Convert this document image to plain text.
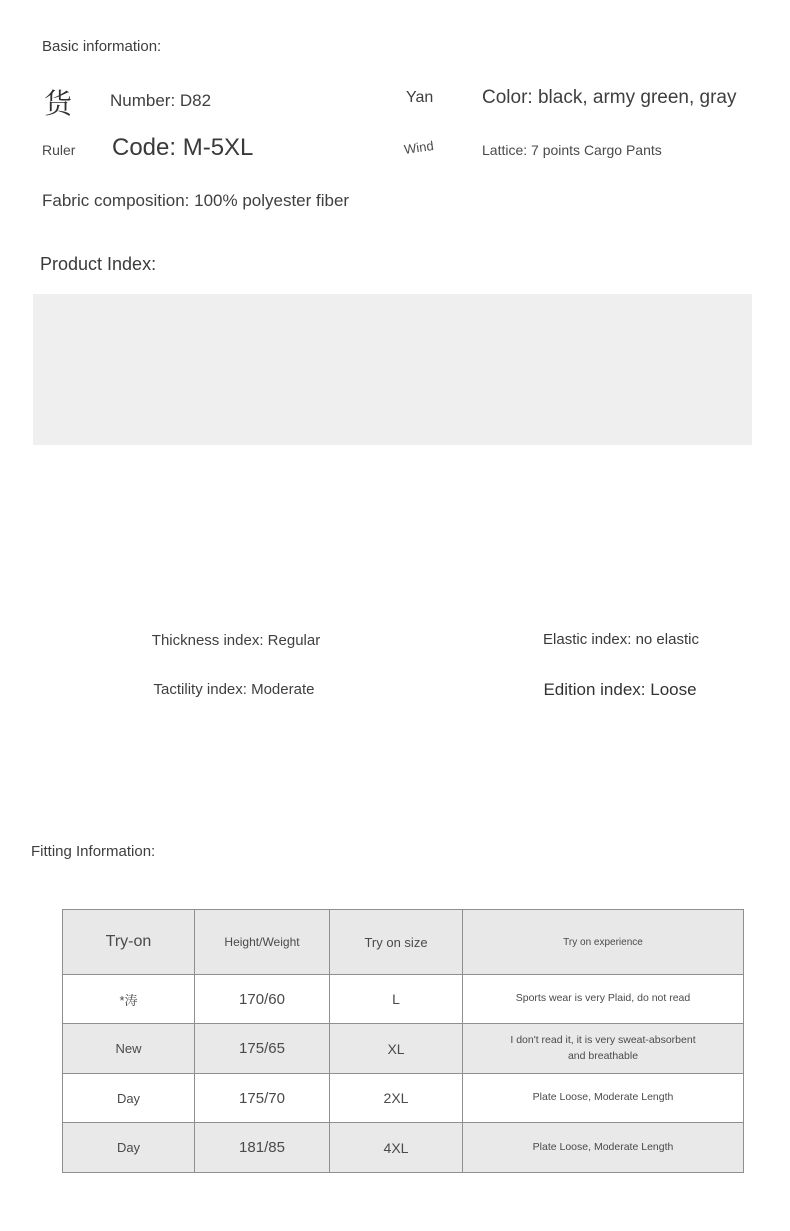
Basic information:
货 Number: D82	Yan	Color: black, army green, gray
Ruler Code: M-5XL	Wind	Lattice: 7 points Cargo Pants
Fabric composition: 100% polyester fiber
Product Index:
Thickness index: Regular	Elastic index: no elastic
Tactility index: Moderate	Edition index: Loose
Fitting Information:
Try-on	Height/Weight	Try on size	Try on experience
*涛	170/60	L	Sports wear is very Plaid, do not read
New	175/65	XL	I don't read it, it is very sweat-absorbent and breathable
Day	175/70	2XL	Plate Loose, Moderate Length
Day	181/85	4XL	Plate Loose, Moderate Length
